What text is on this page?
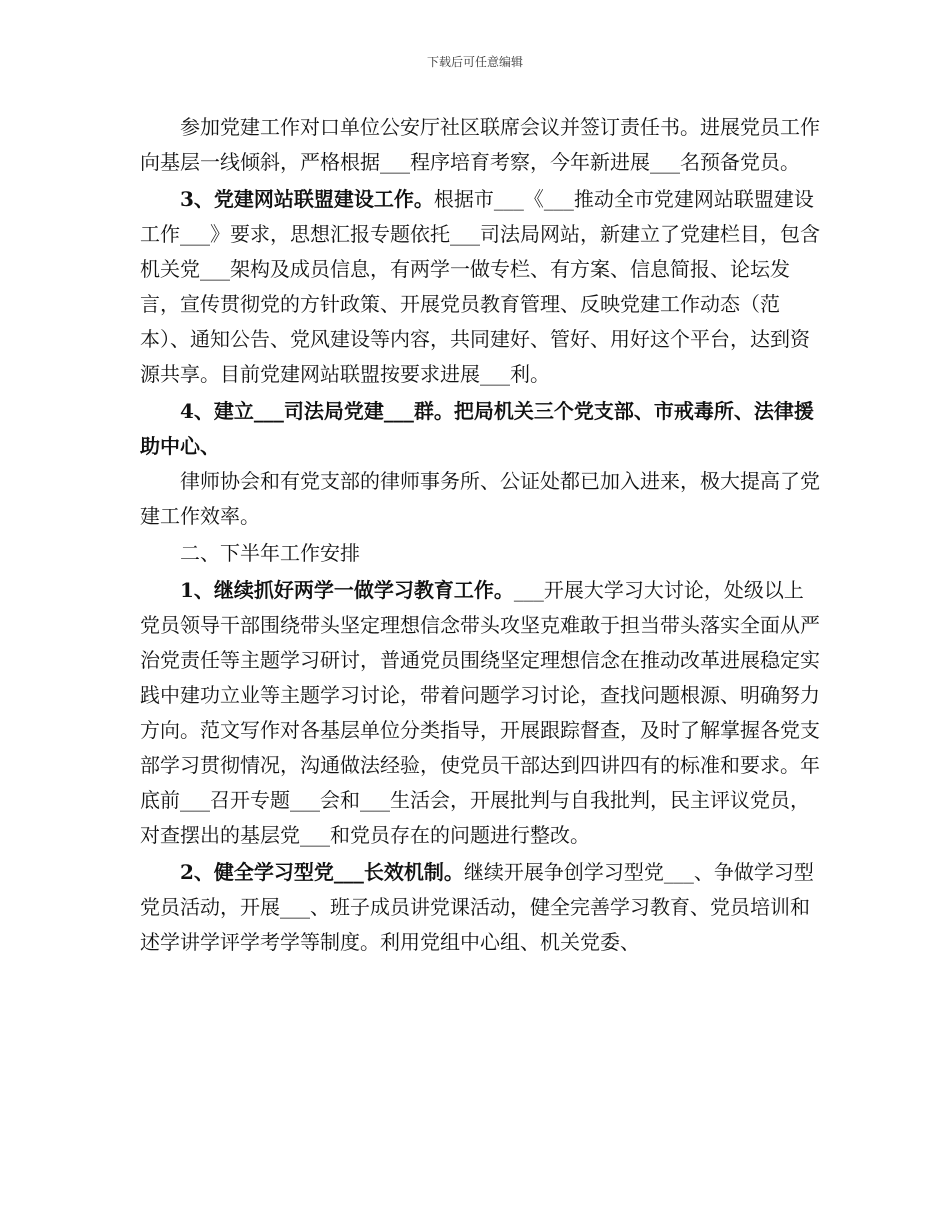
下载后可任意编辑

参加党建工作对口单位公安厅社区联席会议并签订责任书。进展党员工作向基层一线倾斜，严格根据___程序培育考察，今年新进展___名预备党员。

3、党建网站联盟建设工作。根据市___《___推动全市党建网站联盟建设工作___》要求，思想汇报专题依托___司法局网站，新建立了党建栏目，包含机关党___架构及成员信息，有两学一做专栏、有方案、信息简报、论坛发言，宣传贯彻党的方针政策、开展党员教育管理、反映党建工作动态（范本）、通知公告、党风建设等内容，共同建好、管好、用好这个平台，达到资源共享。目前党建网站联盟按要求进展___利。

4、建立___司法局党建___群。把局机关三个党支部、市戒毒所、法律援助中心、

律师协会和有党支部的律师事务所、公证处都已加入进来，极大提高了党建工作效率。

二、下半年工作安排

1、继续抓好两学一做学习教育工作。___开展大学习大讨论，处级以上党员领导干部围绕带头坚定理想信念带头攻坚克难敢于担当带头落实全面从严治党责任等主题学习研讨，普通党员围绕坚定理想信念在推动改革进展稳定实践中建功立业等主题学习讨论，带着问题学习讨论，查找问题根源、明确努力方向。范文写作对各基层单位分类指导，开展跟踪督查，及时了解掌握各党支部学习贯彻情况，沟通做法经验，使党员干部达到四讲四有的标准和要求。年底前___召开专题___会和___生活会，开展批判与自我批判，民主评议党员，对查摆出的基层党___和党员存在的问题进行整改。

2、健全学习型党___长效机制。继续开展争创学习型党___、争做学习型党员活动，开展___、班子成员讲党课活动，健全完善学习教育、党员培训和述学讲学评学考学等制度。利用党组中心组、机关党委、
